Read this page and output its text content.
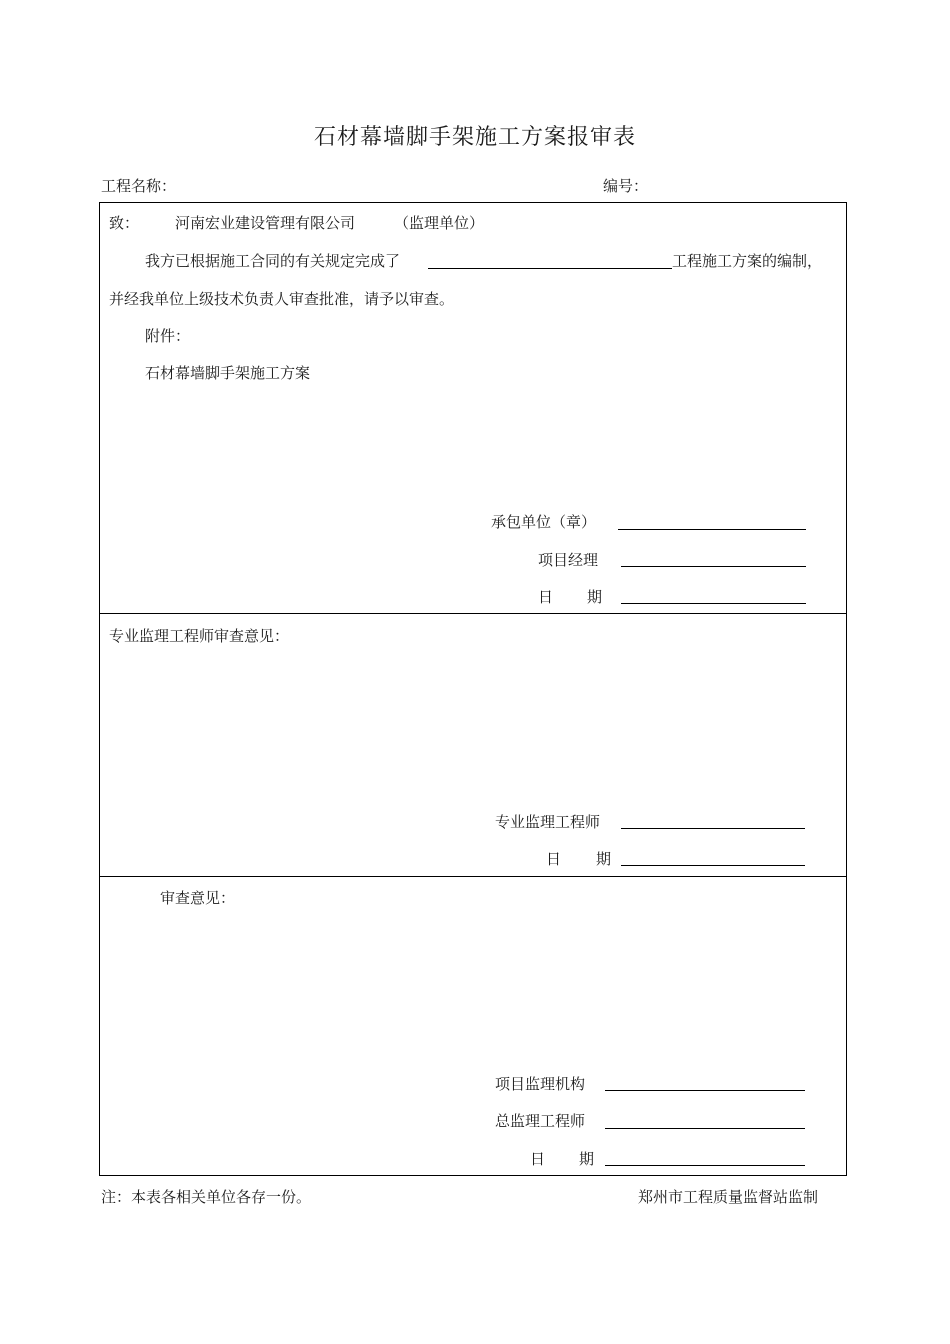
石材幕墙脚手架施工方案报审表
工程名称：	编号：
致： 河南宏业建设管理有限公司	（监理单位）
我方已根据施工合同的有关规定完成了	工程施工方案的编制，
并经我单位上级技术负责人审查批准，请予以审查。
附件：
石材幕墙脚手架施工方案
承包单位（章）
项目经理
日 期
专业监理工程师审查意见：
专业监理工程师
日 期
审查意见：
项目监理机构
总监理工程师
日 期
注：本表各相关单位各存一份。	郑州市工程质量监督站监制
